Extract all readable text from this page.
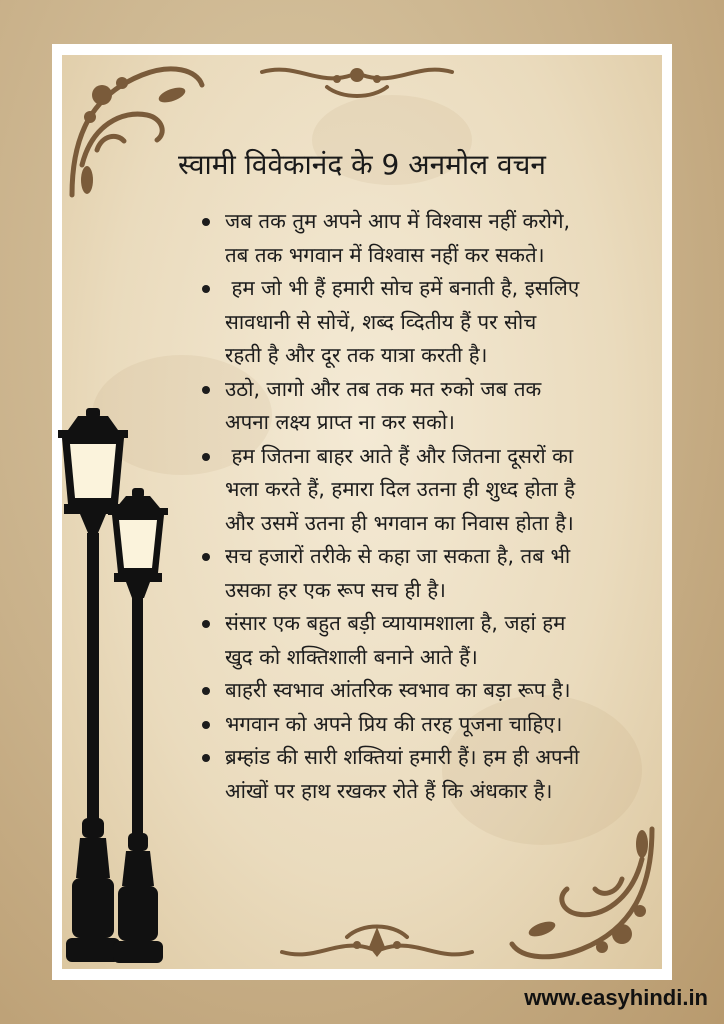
स्वामी विवेकानंद के 9 अनमोल वचन
जब तक तुम अपने आप में विश्वास नहीं करोगे,
तब तक भगवान में विश्वास नहीं कर सकते।
हम जो भी हैं हमारी सोच हमें बनाती है, इसलिए
सावधानी से सोचें, शब्द व्दितीय हैं पर सोच
रहती है और दूर तक यात्रा करती है।
उठो, जागो और तब तक मत रुको जब तक
अपना लक्ष्य प्राप्त ना कर सको।
हम जितना बाहर आते हैं और जितना दूसरों का
भला करते हैं, हमारा दिल उतना ही शुध्द होता है
और उसमें उतना ही भगवान का निवास होता है।
सच हजारों तरीके से कहा जा सकता है, तब भी
उसका हर एक रूप सच ही है।
संसार एक बहुत बड़ी व्यायामशाला है, जहां हम
खुद को शक्तिशाली बनाने आते हैं।
बाहरी स्वभाव आंतरिक स्वभाव का बड़ा रूप है।
भगवान को अपने प्रिय की तरह पूजना चाहिए।
ब्रम्हांड की सारी शक्तियां हमारी हैं। हम ही अपनी
आंखों पर हाथ रखकर रोते हैं कि अंधकार है।
www.easyhindi.in
